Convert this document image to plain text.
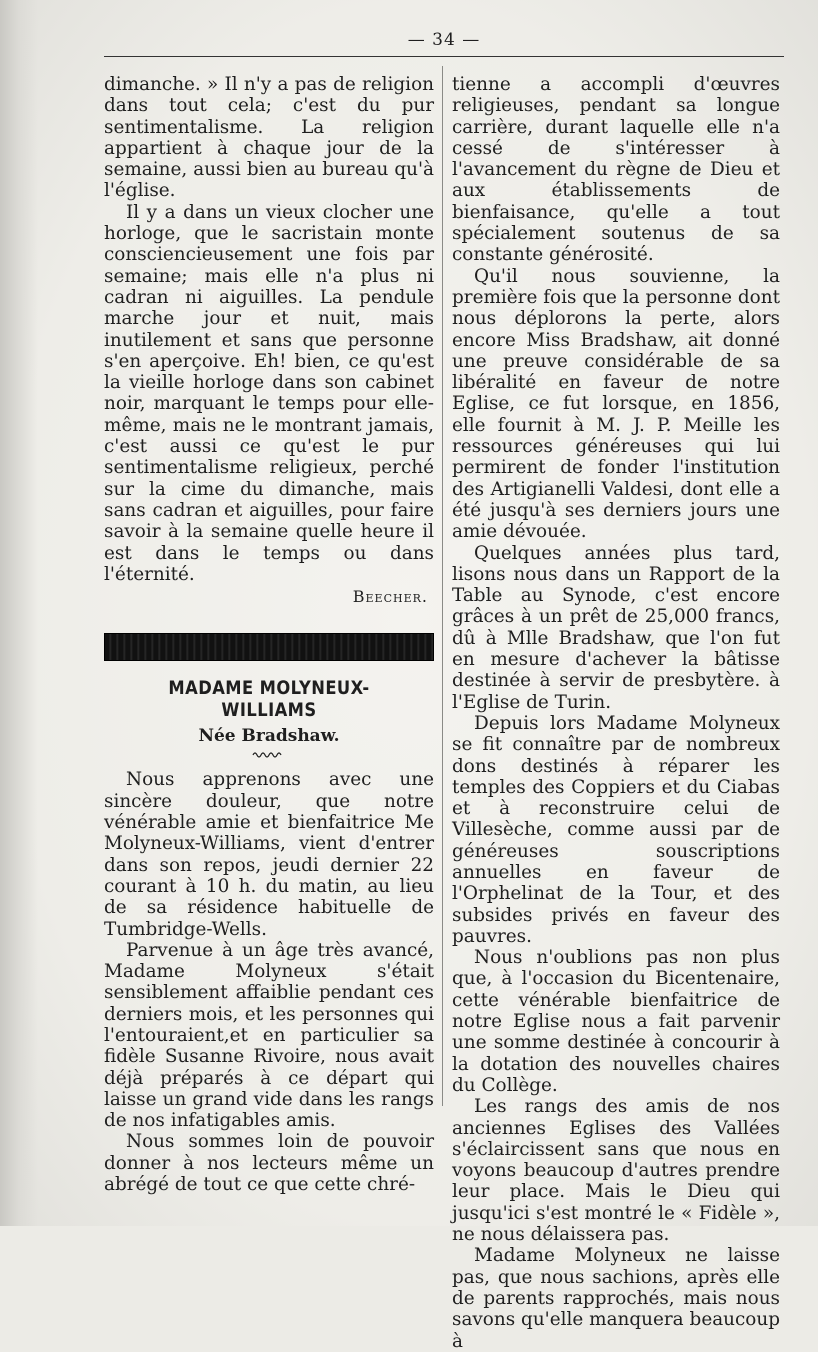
— 34 —

dimanche. » Il n'y a pas de religion dans tout cela; c'est du pur sentimentalisme. La religion appartient à chaque jour de la semaine, aussi bien au bureau qu'à l'église.

Il y a dans un vieux clocher une horloge, que le sacristain monte consciencieusement une fois par semaine; mais elle n'a plus ni cadran ni aiguilles. La pendule marche jour et nuit, mais inutilement et sans que personne s'en aperçoive. Eh! bien, ce qu'est la vieille horloge dans son cabinet noir, marquant le temps pour elle-même, mais ne le montrant jamais, c'est aussi ce qu'est le pur sentimentalisme religieux, perché sur la cime du dimanche, mais sans cadran et aiguilles, pour faire savoir à la semaine quelle heure il est dans le temps ou dans l'éternité.

Beecher.
MADAME MOLYNEUX-WILLIAMS
Née Bradshaw.

Nous apprenons avec une sincère douleur, que notre vénérable amie et bienfaitrice Me Molyneux-Williams, vient d'entrer dans son repos, jeudi dernier 22 courant à 10 h. du matin, au lieu de sa résidence habituelle de Tumbridge-Wells.

Parvenue à un âge très avancé, Madame Molyneux s'était sensiblement affaiblie pendant ces derniers mois, et les personnes qui l'entouraient,et en particulier sa fidèle Susanne Rivoire, nous avait déjà préparés à ce départ qui laisse un grand vide dans les rangs de nos infatigables amis.

Nous sommes loin de pouvoir donner à nos lecteurs même un abrégé de tout ce que cette chré-

tienne a accompli d'œuvres religieuses, pendant sa longue carrière, durant laquelle elle n'a cessé de s'intéresser à l'avancement du règne de Dieu et aux établissements de bienfaisance, qu'elle a tout spécialement soutenus de sa constante générosité.

Qu'il nous souvienne, la première fois que la personne dont nous déplorons la perte, alors encore Miss Bradshaw, ait donné une preuve considérable de sa libéralité en faveur de notre Eglise, ce fut lorsque, en 1856, elle fournit à M. J. P. Meille les ressources généreuses qui lui permirent de fonder l'institution des Artigianelli Valdesi, dont elle a été jusqu'à ses derniers jours une amie dévouée.

Quelques années plus tard, lisons nous dans un Rapport de la Table au Synode, c'est encore grâces à un prêt de 25,000 francs, dû à Mlle Bradshaw, que l'on fut en mesure d'achever la bâtisse destinée à servir de presbytère. à l'Eglise de Turin.

Depuis lors Madame Molyneux se fit connaître par de nombreux dons destinés à réparer les temples des Coppiers et du Ciabas et à reconstruire celui de Villesèche, comme aussi par de généreuses souscriptions annuelles en faveur de l'Orphelinat de la Tour, et des subsides privés en faveur des pauvres.

Nous n'oublions pas non plus que, à l'occasion du Bicentenaire, cette vénérable bienfaitrice de notre Eglise nous a fait parvenir une somme destinée à concourir à la dotation des nouvelles chaires du Collège.

Les rangs des amis de nos anciennes Eglises des Vallées s'éclaircissent sans que nous en voyons beaucoup d'autres prendre leur place. Mais le Dieu qui jusqu'ici s'est montré le « Fidèle », ne nous délaissera pas.

Madame Molyneux ne laisse pas, que nous sachions, après elle de parents rapprochés, mais nous savons qu'elle manquera beaucoup à
